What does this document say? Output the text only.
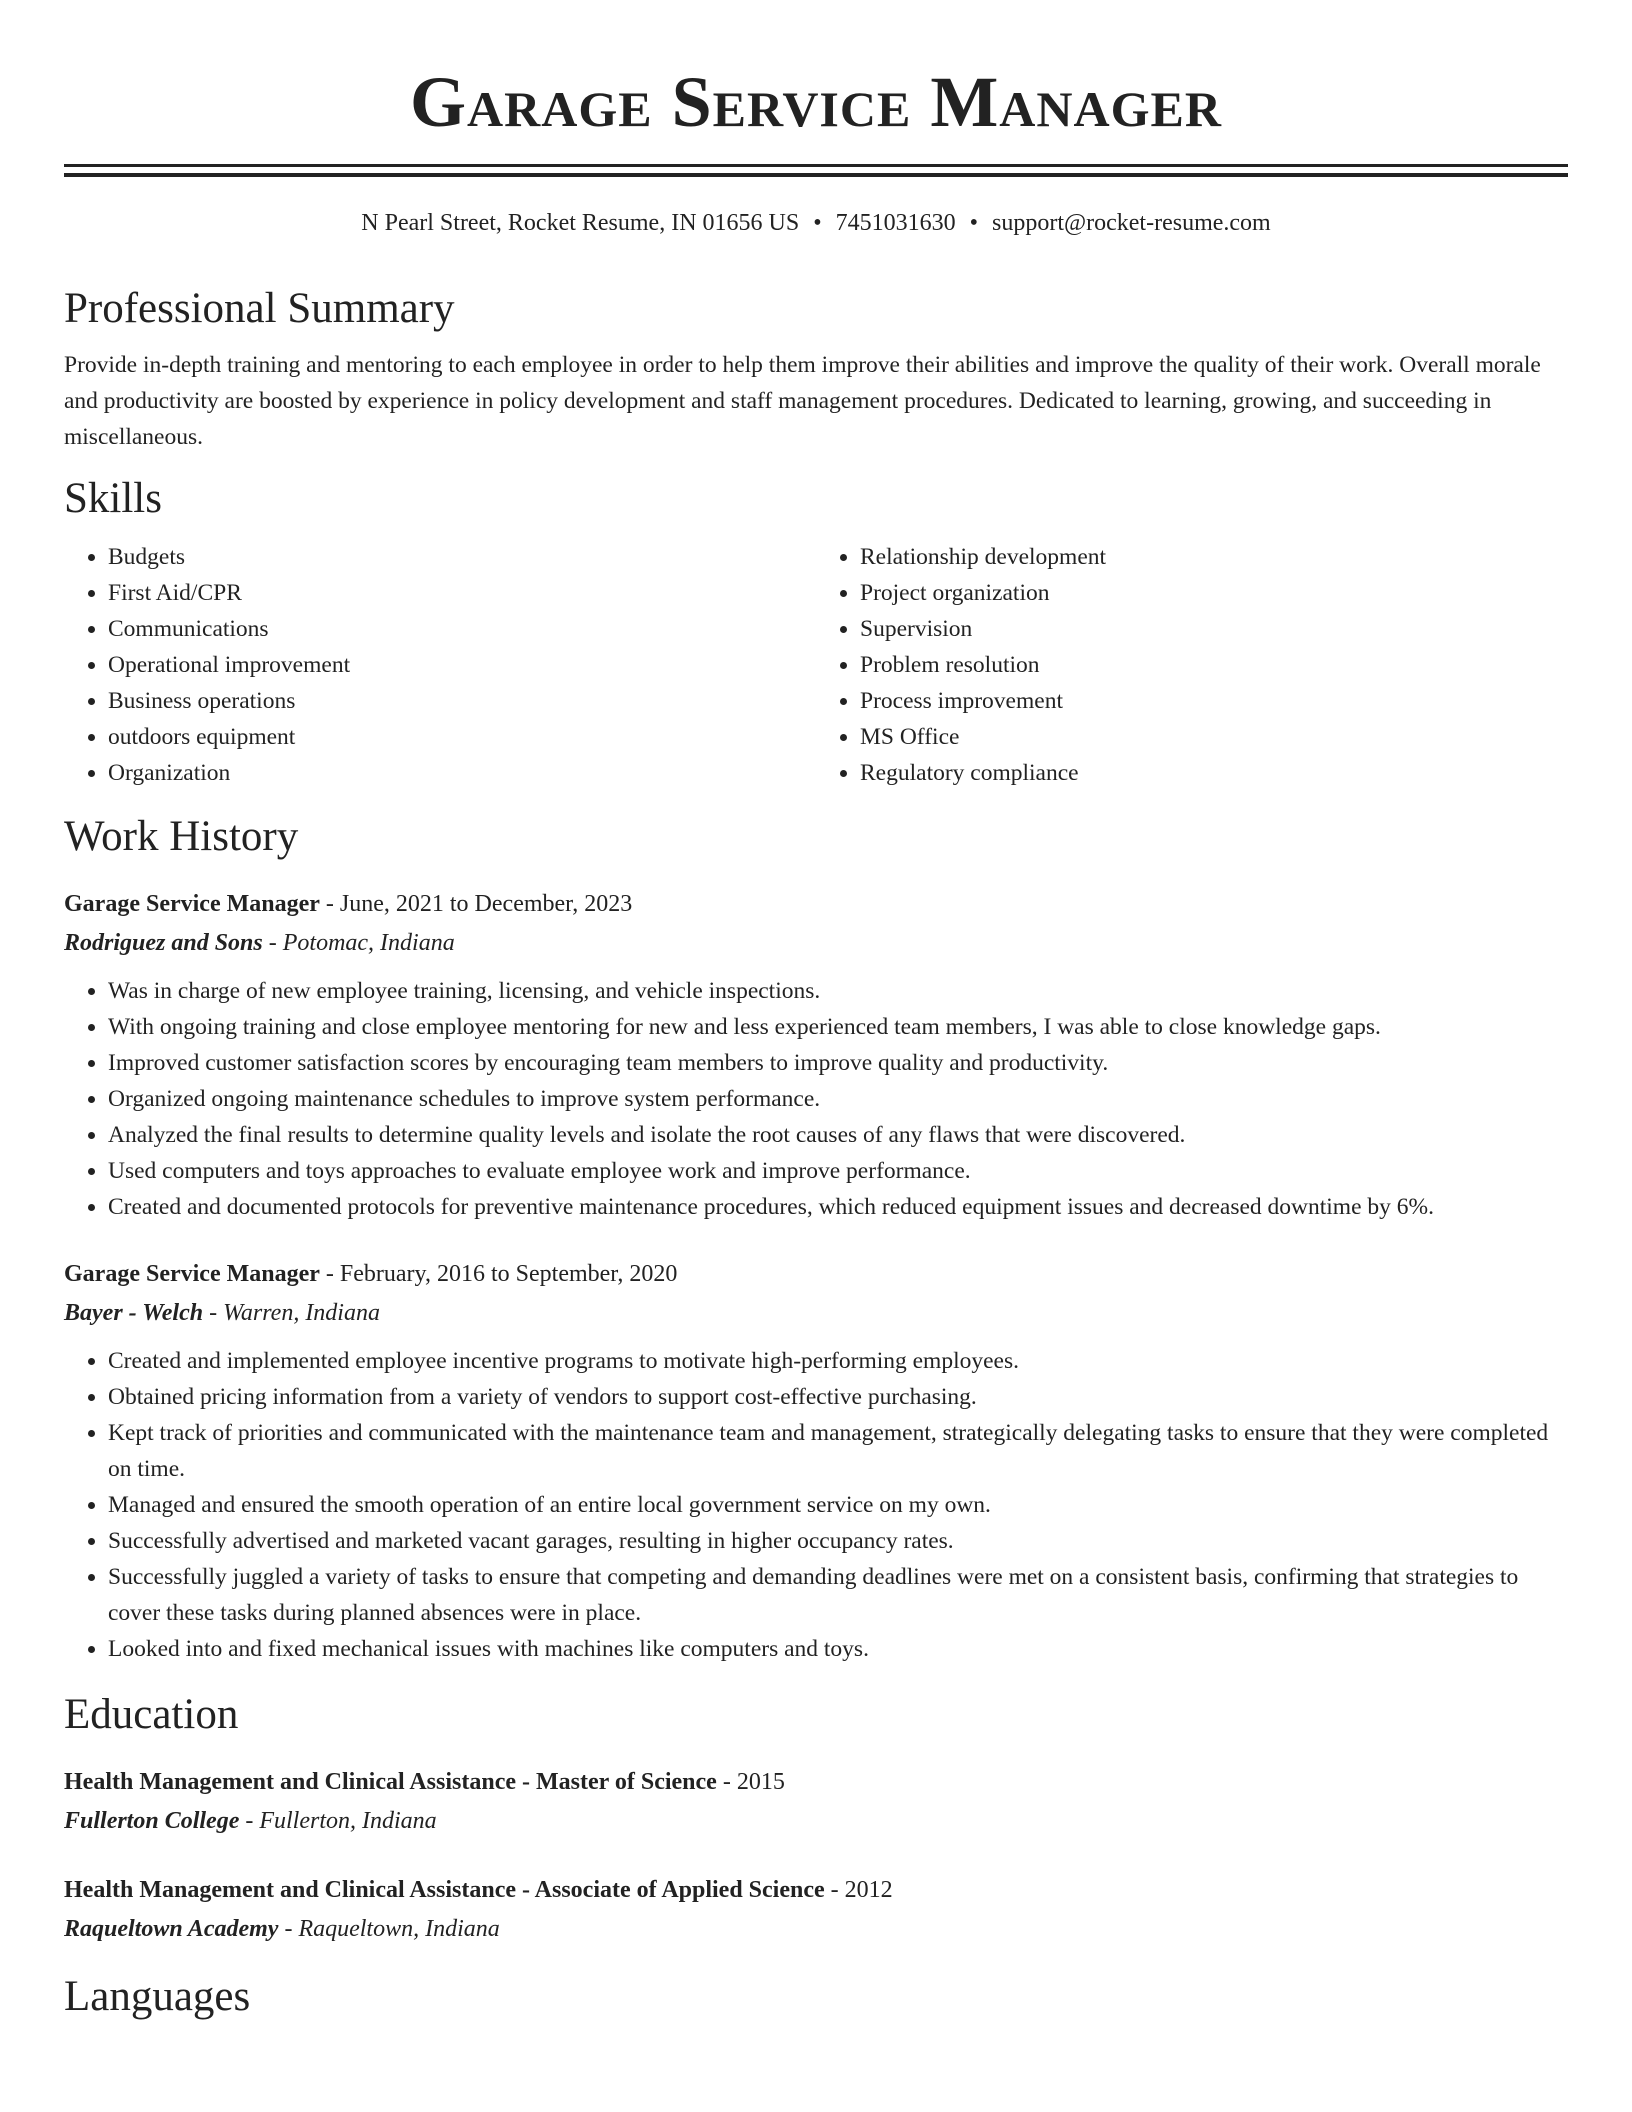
Garage Service Manager
N Pearl Street, Rocket Resume, IN 01656 US • 7451031630 • support@rocket-resume.com
Professional Summary
Provide in-depth training and mentoring to each employee in order to help them improve their abilities and improve the quality of their work. Overall morale and productivity are boosted by experience in policy development and staff management procedures. Dedicated to learning, growing, and succeeding in miscellaneous.
Skills
• Budgets
• First Aid/CPR
• Communications
• Operational improvement
• Business operations
• outdoors equipment
• Organization
• Relationship development
• Project organization
• Supervision
• Problem resolution
• Process improvement
• MS Office
• Regulatory compliance
Work History
Garage Service Manager - June, 2021 to December, 2023
Rodriguez and Sons - Potomac, Indiana
• Was in charge of new employee training, licensing, and vehicle inspections.
• With ongoing training and close employee mentoring for new and less experienced team members, I was able to close knowledge gaps.
• Improved customer satisfaction scores by encouraging team members to improve quality and productivity.
• Organized ongoing maintenance schedules to improve system performance.
• Analyzed the final results to determine quality levels and isolate the root causes of any flaws that were discovered.
• Used computers and toys approaches to evaluate employee work and improve performance.
• Created and documented protocols for preventive maintenance procedures, which reduced equipment issues and decreased downtime by 6%.
Garage Service Manager - February, 2016 to September, 2020
Bayer - Welch - Warren, Indiana
• Created and implemented employee incentive programs to motivate high-performing employees.
• Obtained pricing information from a variety of vendors to support cost-effective purchasing.
• Kept track of priorities and communicated with the maintenance team and management, strategically delegating tasks to ensure that they were completed on time.
• Managed and ensured the smooth operation of an entire local government service on my own.
• Successfully advertised and marketed vacant garages, resulting in higher occupancy rates.
• Successfully juggled a variety of tasks to ensure that competing and demanding deadlines were met on a consistent basis, confirming that strategies to cover these tasks during planned absences were in place.
• Looked into and fixed mechanical issues with machines like computers and toys.
Education
Health Management and Clinical Assistance - Master of Science - 2015
Fullerton College - Fullerton, Indiana
Health Management and Clinical Assistance - Associate of Applied Science - 2012
Raqueltown Academy - Raqueltown, Indiana
Languages
